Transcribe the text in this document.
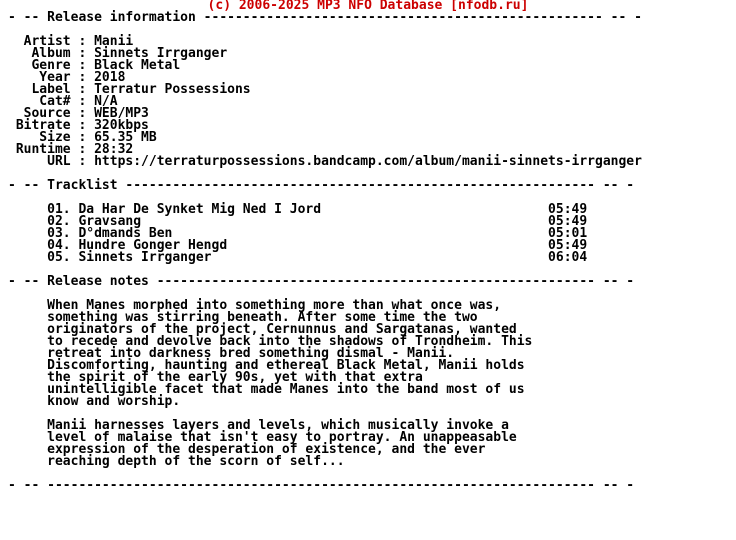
(c) 2006-2025 MP3 NFO Database [nfodb.ru]
- -- Release information --------------------------------------------------- -- -
Artist : Manii
Album : Sinnets Irrganger
Genre : Black Metal
Year : 2018
Label : Terratur Possessions
Cat# : N/A
Source : WEB/MP3
Bitrate : 320kbps
Size : 65.35 MB
Runtime : 28:32
URL : https://terraturpossessions.bandcamp.com/album/manii-sinnets-irrganger
- -- Tracklist ------------------------------------------------------------ -- -
01. Da Har De Synket Mig Ned I Jord                             05:49
02. Gravsang                                                    05:49
03. D°dmands Ben                                                05:01
04. Hundre Gonger Hengd                                         05:49
05. Sinnets Irrganger                                           06:04
- -- Release notes -------------------------------------------------------- -- -
When Manes morphed into something more than what once was,
something was stirring beneath. After some time the two
originators of the project, Cernunnus and Sargatanas, wanted
to recede and devolve back into the shadows of Trondheim. This
retreat into darkness bred something dismal - Manii.
Discomforting, haunting and ethereal Black Metal, Manii holds
the spirit of the early 90s, yet with that extra
unintelligible facet that made Manes into the band most of us
know and worship.
Manii harnesses layers and levels, which musically invoke a
level of malaise that isn't easy to portray. An unappeasable
expression of the desperation of existence, and the ever
reaching depth of the scorn of self...
- -- ---------------------------------------------------------------------- -- -
